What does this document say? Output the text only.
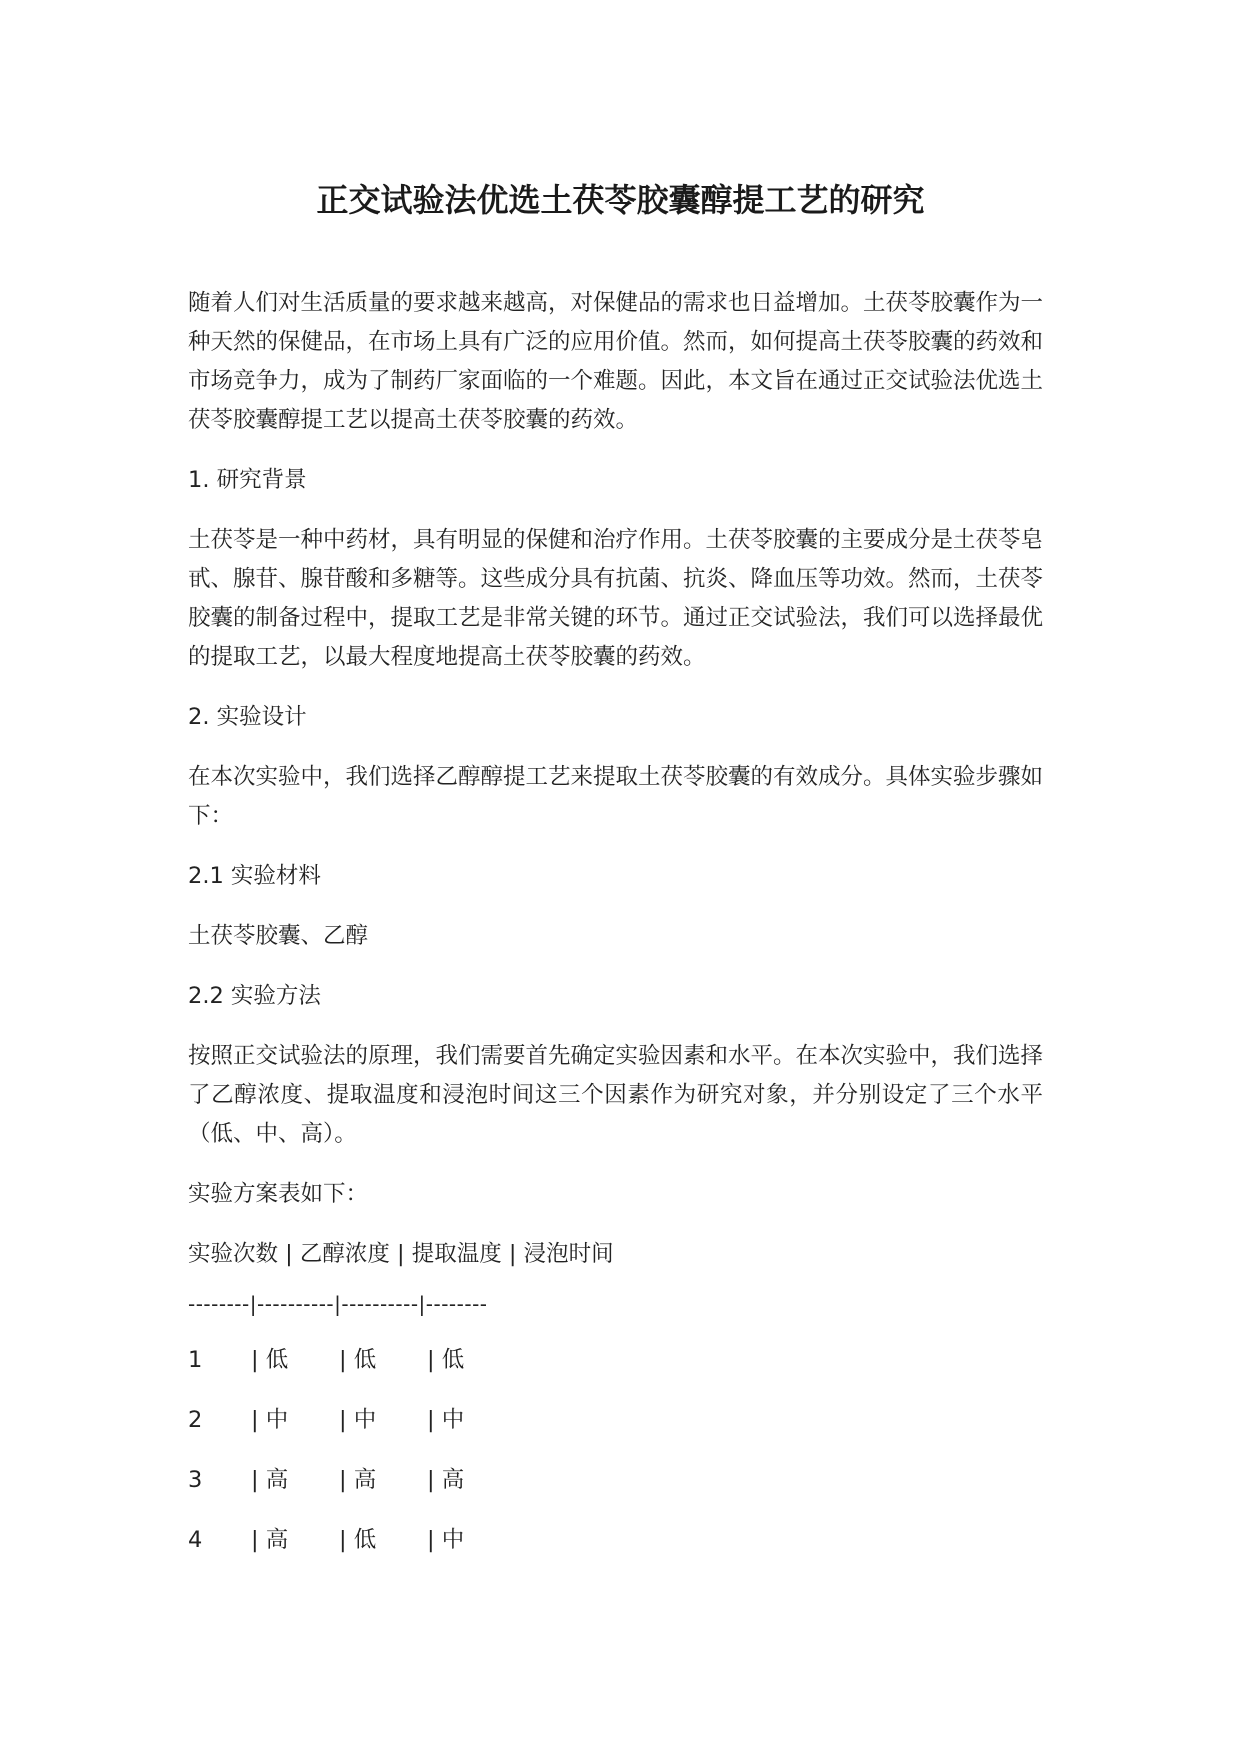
正交试验法优选土茯苓胶囊醇提工艺的研究

随着人们对生活质量的要求越来越高，对保健品的需求也日益增加。土茯苓胶囊作为一种天然的保健品，在市场上具有广泛的应用价值。然而，如何提高土茯苓胶囊的药效和市场竞争力，成为了制药厂家面临的一个难题。因此，本文旨在通过正交试验法优选土茯苓胶囊醇提工艺以提高土茯苓胶囊的药效。

1. 研究背景

土茯苓是一种中药材，具有明显的保健和治疗作用。土茯苓胶囊的主要成分是土茯苓皂甙、腺苷、腺苷酸和多糖等。这些成分具有抗菌、抗炎、降血压等功效。然而，土茯苓胶囊的制备过程中，提取工艺是非常关键的环节。通过正交试验法，我们可以选择最优的提取工艺，以最大程度地提高土茯苓胶囊的药效。

2. 实验设计

在本次实验中，我们选择乙醇醇提工艺来提取土茯苓胶囊的有效成分。具体实验步骤如下：

2.1 实验材料

土茯苓胶囊、乙醇

2.2 实验方法

按照正交试验法的原理，我们需要首先确定实验因素和水平。在本次实验中，我们选择了乙醇浓度、提取温度和浸泡时间这三个因素作为研究对象，并分别设定了三个水平（低、中、高）。

实验方案表如下：

实验次数 | 乙醇浓度 | 提取温度 | 浸泡时间
--------|----------|----------|--------
1	| 低	| 低	| 低
2	| 中	| 中	| 中
3	| 高	| 高	| 高
4	| 高	| 低	| 中
